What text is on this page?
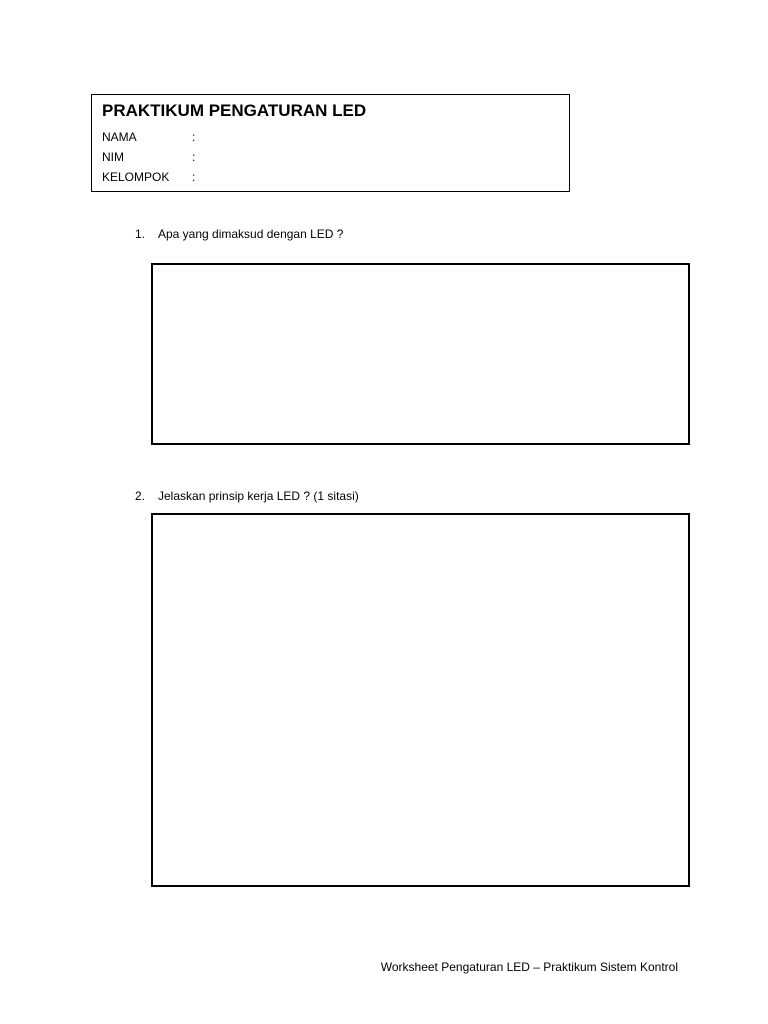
PRAKTIKUM PENGATURAN LED
NAMA	:
NIM	:
KELOMPOK :
1. Apa yang dimaksud dengan LED ?
2. Jelaskan prinsip kerja LED ? (1 sitasi)
Worksheet Pengaturan LED – Praktikum Sistem Kontrol
